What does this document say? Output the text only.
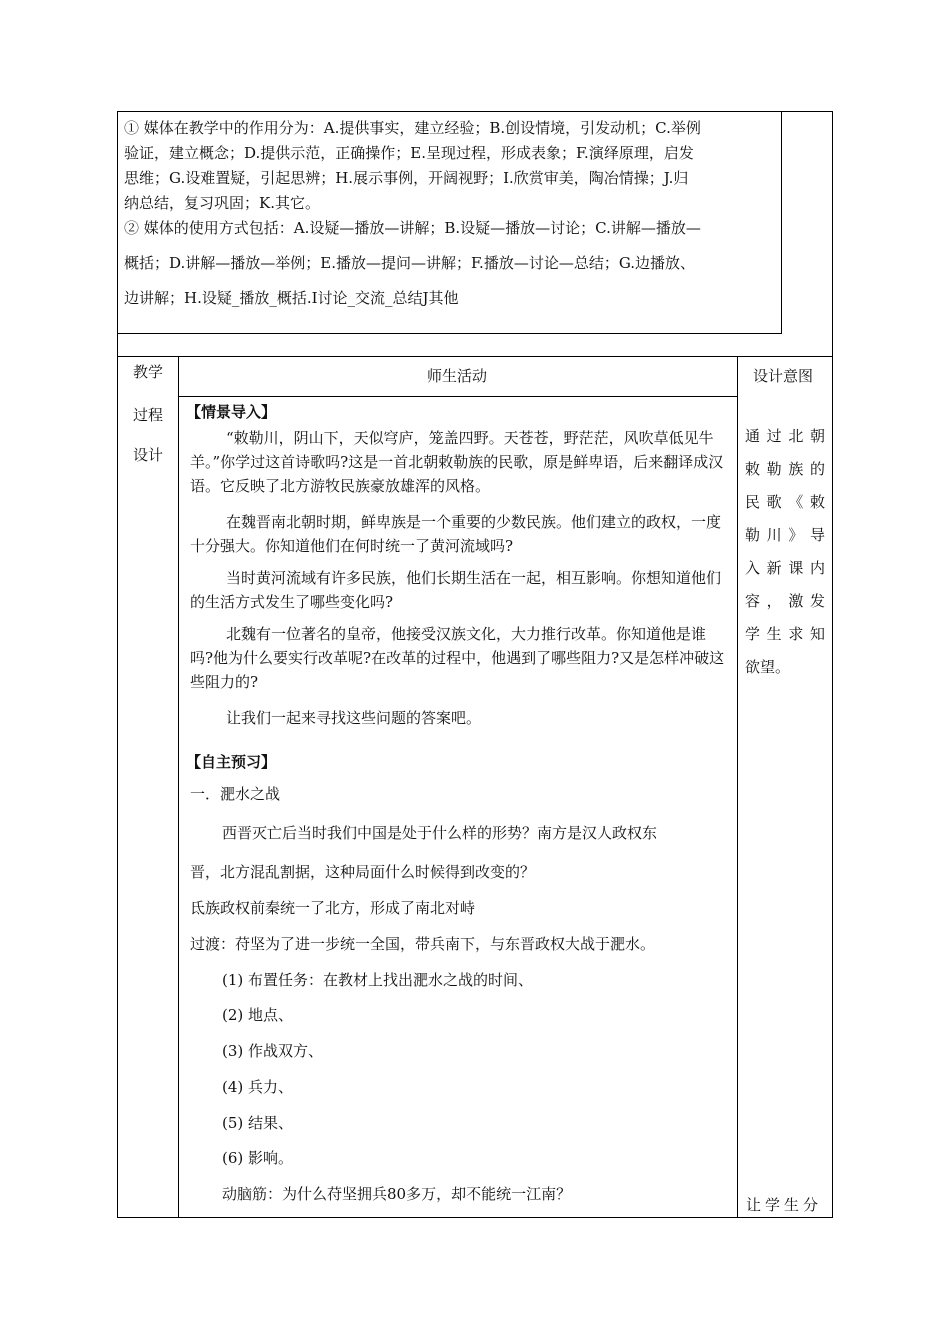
① 媒体在教学中的作用分为：A.提供事实，建立经验；B.创设情境，引发动机；C.举例
验证，建立概念；D.提供示范，正确操作；E.呈现过程，形成表象；F.演绎原理，启发
思维；G.设难置疑，引起思辨；H.展示事例，开阔视野；I.欣赏审美，陶冶情操；J.归
纳总结，复习巩固；K.其它。
② 媒体的使用方式包括：A.设疑—播放—讲解；B.设疑—播放—讨论；C.讲解—播放—
概括；D.讲解—播放—举例；E.播放—提问—讲解；F.播放—讨论—总结；G.边播放、
边讲解；H.设疑_播放_概括.I讨论_交流_总结J其他
教学
过程
设计
师生活动	设计意图
通过北朝
敕勒族的
民歌《敕
勒川》导
入新课内
容，激发
学生求知
欲望。
让学生分
【情景导入】
“敕勒川，阴山下，天似穹庐，笼盖四野。天苍苍，野茫茫，风吹草低见牛羊。”你学过这首诗歌吗?这是一首北朝敕勒族的民歌，原是鲜卑语，后来翻译成汉语。它反映了北方游牧民族豪放雄浑的风格。
在魏晋南北朝时期，鲜卑族是一个重要的少数民族。他们建立的政权，一度十分强大。你知道他们在何时统一了黄河流域吗?
当时黄河流域有许多民族，他们长期生活在一起，相互影响。你想知道他们的生活方式发生了哪些变化吗?
北魏有一位著名的皇帝，他接受汉族文化，大力推行改革。你知道他是谁吗?他为什么要实行改革呢?在改革的过程中，他遇到了哪些阻力?又是怎样冲破这些阻力的?
让我们一起来寻找这些问题的答案吧。
【自主预习】
一．淝水之战
西晋灭亡后当时我们中国是处于什么样的形势？南方是汉人政权东
晋，北方混乱割据，这种局面什么时候得到改变的？
氐族政权前秦统一了北方，形成了南北对峙
过渡：苻坚为了进一步统一全国，带兵南下，与东晋政权大战于淝水。
(1) 布置任务：在教材上找出淝水之战的时间、
(2) 地点、
(3) 作战双方、
(4) 兵力、
(5) 结果、
(6) 影响。
动脑筋：为什么苻坚拥兵80多万，却不能统一江南？
